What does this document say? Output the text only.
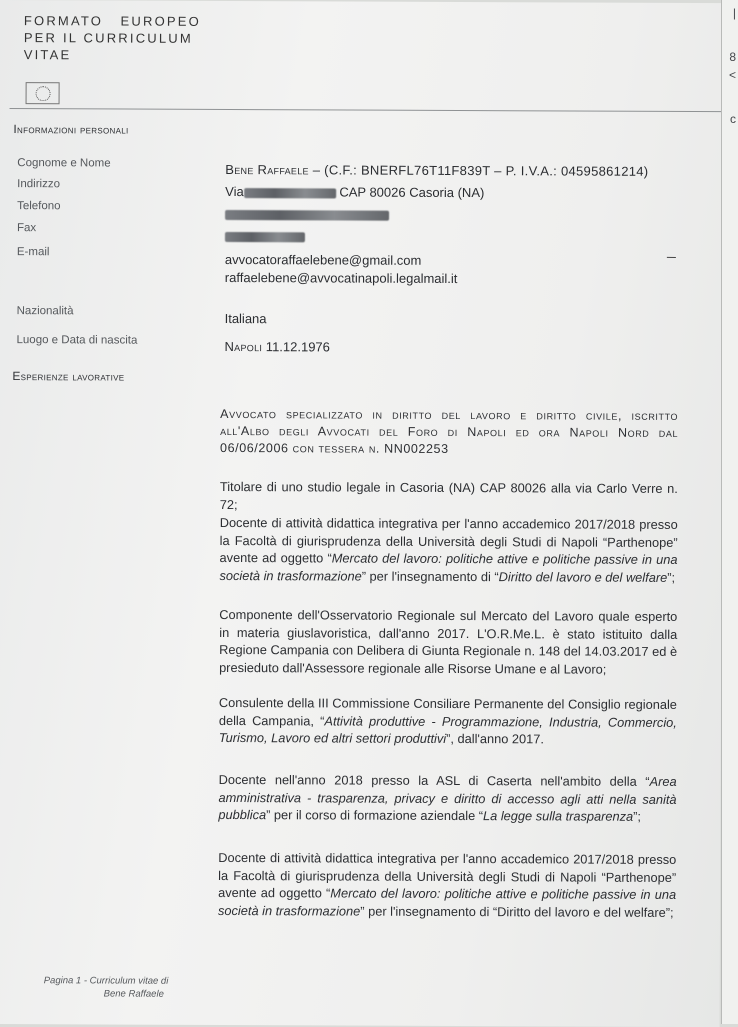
FORMATO   EUROPEO
PER IL CURRICULUM
VITAE
Informazioni personali
Cognome e Nome	Bene Raffaele – (C.F.: BNERFL76T11F839T – P. I.V.A.: 04595861214)
Indirizzo	Via	CAP 80026 Casoria (NA)
Telefono
Fax
E-mail	avvocatoraffaelebene@gmail.com
raffaelebene@avvocatinapoli.legalmail.it
Nazionalità	Italiana
Luogo e Data di nascita	Napoli 11.12.1976
Esperienze lavorative

Avvocato specializzato in diritto del lavoro e diritto civile, iscritto all'Albo degli Avvocati del Foro di Napoli ed ora Napoli Nord dal 06/06/2006 con tessera n. NN002253

Titolare di uno studio legale in Casoria (NA) CAP 80026 alla via Carlo Verre n. 72;

Docente di attività didattica integrativa per l'anno accademico 2017/2018 presso la Facoltà di giurisprudenza della Università degli Studi di Napoli “Parthenope” avente ad oggetto “Mercato del lavoro: politiche attive e politiche passive in una società in trasformazione” per l'insegnamento di “Diritto del lavoro e del welfare”;

Componente dell'Osservatorio Regionale sul Mercato del Lavoro quale esperto in materia giuslavoristica, dall'anno 2017. L'O.R.Me.L. è stato istituito dalla Regione Campania con Delibera di Giunta Regionale n. 148 del 14.03.2017 ed è presieduto dall'Assessore regionale alle Risorse Umane e al Lavoro;

Consulente della III Commissione Consiliare Permanente del Consiglio regionale della Campania, “Attività produttive - Programmazione, Industria, Commercio, Turismo, Lavoro ed altri settori produttivi”, dall'anno 2017.

Docente nell'anno 2018 presso la ASL di Caserta nell'ambito della “Area amministrativa - trasparenza, privacy e diritto di accesso agli atti nella sanità pubblica” per il corso di formazione aziendale “La legge sulla trasparenza”;

Docente di attività didattica integrativa per l'anno accademico 2017/2018 presso la Facoltà di giurisprudenza della Università degli Studi di Napoli “Parthenope” avente ad oggetto “Mercato del lavoro: politiche attive e politiche passive in una società in trasformazione” per l'insegnamento di “Diritto del lavoro e del welfare”;

Pagina 1 - Curriculum vitae di
Bene Raffaele
|
8
<
c
